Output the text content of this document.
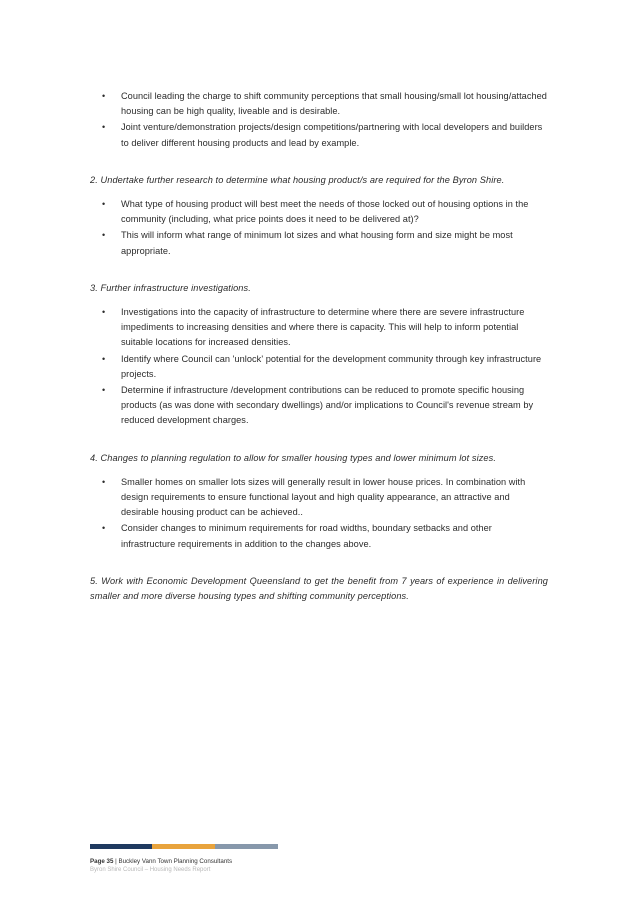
• Council leading the charge to shift community perceptions that small housing/small lot housing/attached housing can be high quality, liveable and is desirable.
• Joint venture/demonstration projects/design competitions/partnering with local developers and builders to deliver different housing products and lead by example.

2. Undertake further research to determine what housing product/s are required for the Byron Shire.

• What type of housing product will best meet the needs of those locked out of housing options in the community (including, what price points does it need to be delivered at)?
• This will inform what range of minimum lot sizes and what housing form and size might be most appropriate.

3. Further infrastructure investigations.

• Investigations into the capacity of infrastructure to determine where there are severe infrastructure impediments to increasing densities and where there is capacity. This will help to inform potential suitable locations for increased densities.
• Identify where Council can 'unlock' potential for the development community through key infrastructure projects.
• Determine if infrastructure /development contributions can be reduced to promote specific housing products (as was done with secondary dwellings) and/or implications to Council's revenue stream by reduced development charges.

4. Changes to planning regulation to allow for smaller housing types and lower minimum lot sizes.

• Smaller homes on smaller lots sizes will generally result in lower house prices. In combination with design requirements to ensure functional layout and high quality appearance, an attractive and desirable housing product can be achieved..
• Consider changes to minimum requirements for road widths, boundary setbacks and other infrastructure requirements in addition to the changes above.

5. Work with Economic Development Queensland to get the benefit from 7 years of experience in delivering smaller and more diverse housing types and shifting community perceptions.

Page 35 | Buckley Vann Town Planning Consultants
Byron Shire Council – Housing Needs Report
